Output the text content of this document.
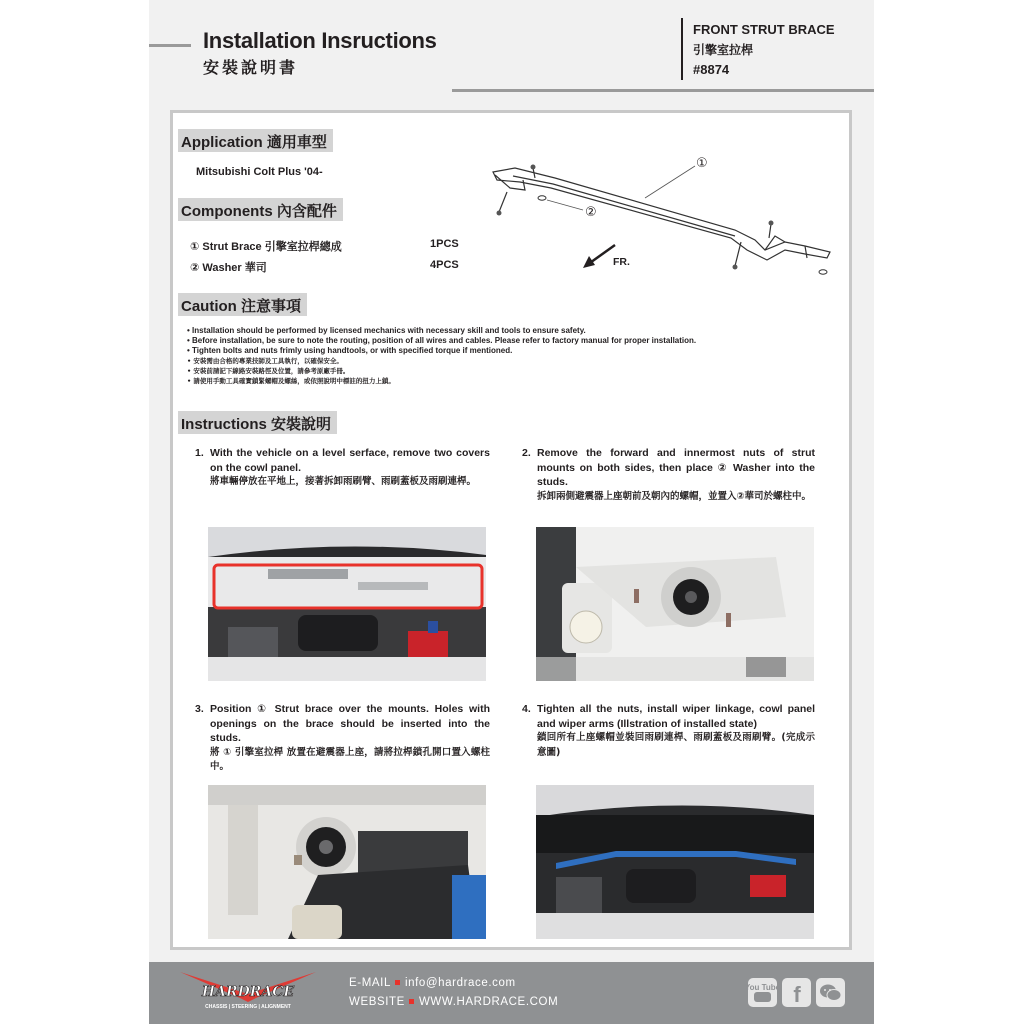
Installation Insructions
安裝說明書
FRONT STRUT BRACE
引擎室拉桿
#8874
Application 適用車型
Mitsubishi Colt Plus '04-
Components 內含配件
① Strut Brace 引擎室拉桿總成	1PCS
② Washer 華司	4PCS
①
②
FR.
Caution 注意事項
• Installation should be performed by licensed mechanics with necessary skill and tools to ensure safety.
• Before installation, be sure to note the routing, position of all wires and cables. Please refer to factory manual for proper installation.
• Tighten bolts and nuts frimly using handtools, or with specified torque if mentioned.
• 安裝需由合格的專業技師及工具執行，以確保安全。
• 安裝前請記下線路安裝路徑及位置，請參考原廠手冊。
• 請使用手動工具確實鎖緊螺帽及螺絲，或依照說明中標註的扭力上鎖。
Instructions 安裝說明
1. With the vehicle on a level serface, remove two covers on the cowl panel.
將車輛停放在平地上，接著拆卸雨刷臂、雨刷蓋板及雨刷連桿。
2. Remove the forward and innermost nuts of strut mounts on both sides, then place ② Washer into the studs.
拆卸兩側避震器上座朝前及朝內的螺帽，並置入②華司於螺柱中。
3. Position ① Strut brace over the mounts. Holes with openings on the brace should be inserted into the studs.
將 ① 引擎室拉桿 放置在避震器上座，請將拉桿鎖孔開口置入螺柱中。
4. Tighten all the nuts, install wiper linkage, cowl panel and wiper arms (Illstration of installed state)
鎖回所有上座螺帽並裝回雨刷連桿、雨刷蓋板及雨刷臂。(完成示意圖)
HARDRACE
CHASSIS | STEERING | ALIGNMENT
E-MAIL info@hardrace.com
WEBSITE WWW.HARDRACE.COM
You Tube f
